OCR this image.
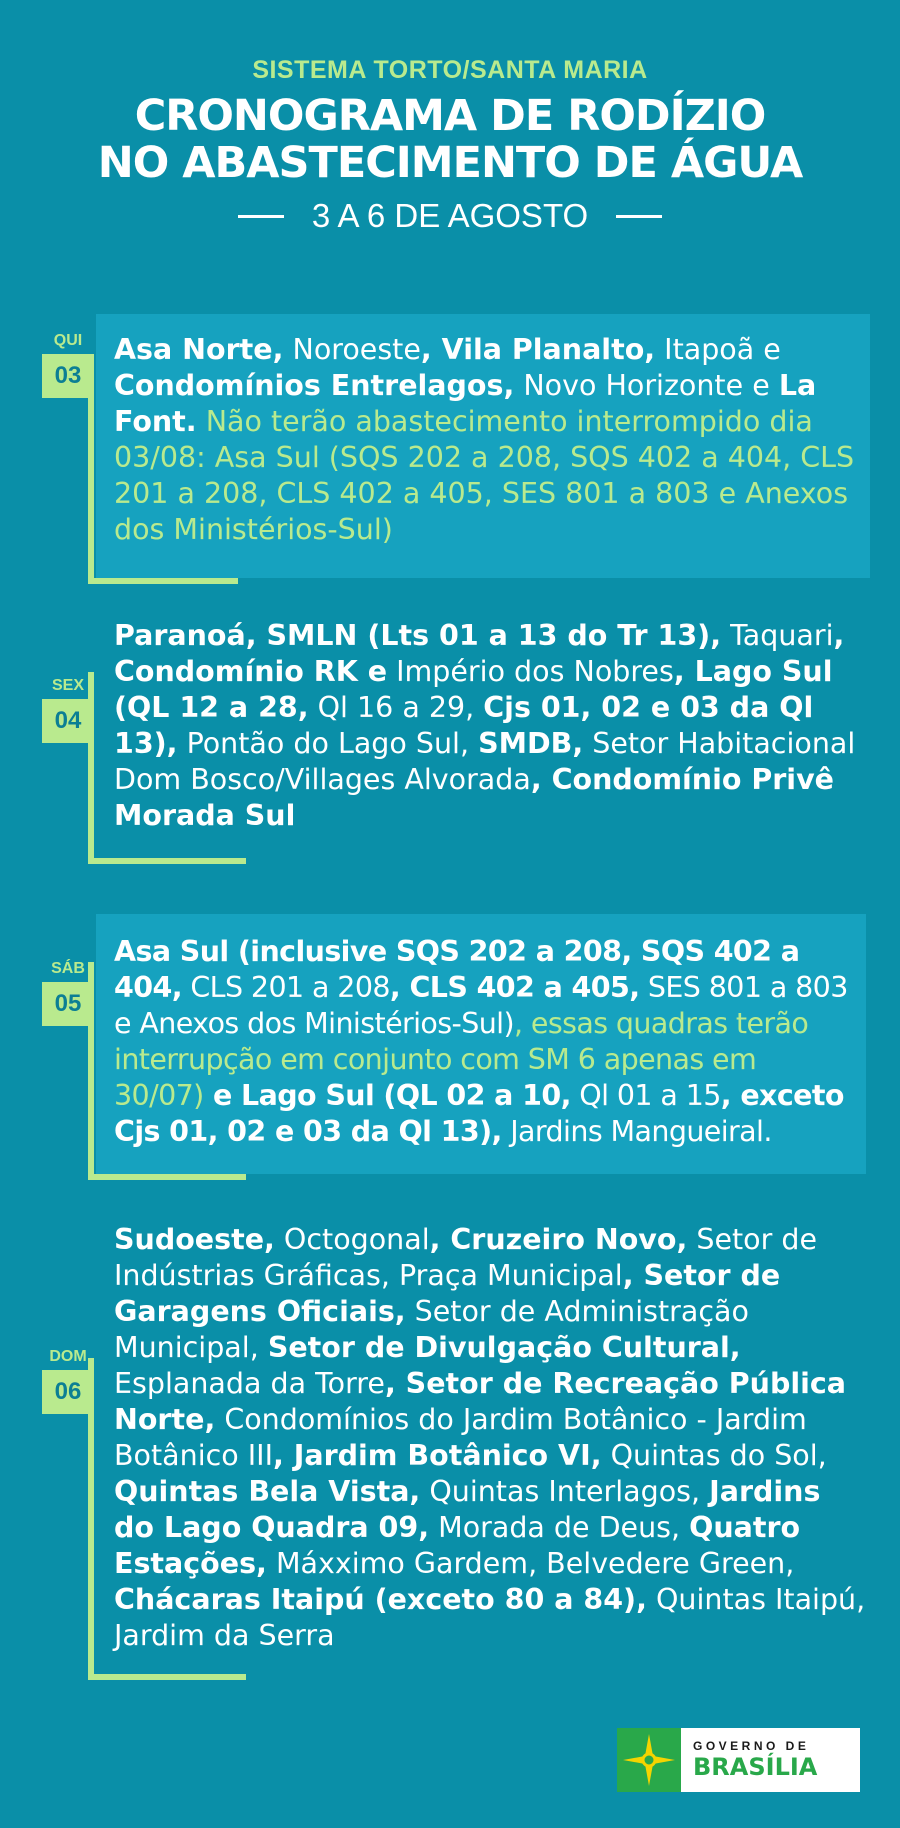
SISTEMA TORTO/SANTA MARIA
CRONOGRAMA DE RODÍZIO
NO ABASTECIMENTO DE ÁGUA
3 A 6 DE AGOSTO
QUI
03
Asa Norte, Noroeste, Vila Planalto, Itapoã e Condomínios Entrelagos, Novo Horizonte e La Font. Não terão abastecimento interrompido dia 03/08: Asa Sul (SQS 202 a 208, SQS 402 a 404, CLS 201 a 208, CLS 402 a 405, SES 801 a 803 e Anexos dos Ministérios-Sul)
SEX
04
Paranoá, SMLN (Lts 01 a 13 do Tr 13), Taquari, Condomínio RK e Império dos Nobres, Lago Sul (QL 12 a 28, Ql 16 a 29, Cjs 01, 02 e 03 da Ql 13), Pontão do Lago Sul, SMDB, Setor Habitacional Dom Bosco/Villages Alvorada, Condomínio Privê Morada Sul
SÁB
05
Asa Sul (inclusive SQS 202 a 208, SQS 402 a 404, CLS 201 a 208, CLS 402 a 405, SES 801 a 803 e Anexos dos Ministérios-Sul), essas quadras terão interrupção em conjunto com SM 6 apenas em 30/07) e Lago Sul (QL 02 a 10, Ql 01 a 15, exceto Cjs 01, 02 e 03 da Ql 13), Jardins Mangueiral.
DOM
06
Sudoeste, Octogonal, Cruzeiro Novo, Setor de Indústrias Gráficas, Praça Municipal, Setor de Garagens Oficiais, Setor de Administração Municipal, Setor de Divulgação Cultural, Esplanada da Torre, Setor de Recreação Pública Norte, Condomínios do Jardim Botânico - Jardim Botânico III, Jardim Botânico VI, Quintas do Sol, Quintas Bela Vista, Quintas Interlagos, Jardins do Lago Quadra 09, Morada de Deus, Quatro Estações, Máxximo Gardem, Belvedere Green, Chácaras Itaipú (exceto 80 a 84), Quintas Itaipú, Jardim da Serra
GOVERNO DE
BRASÍLIA
